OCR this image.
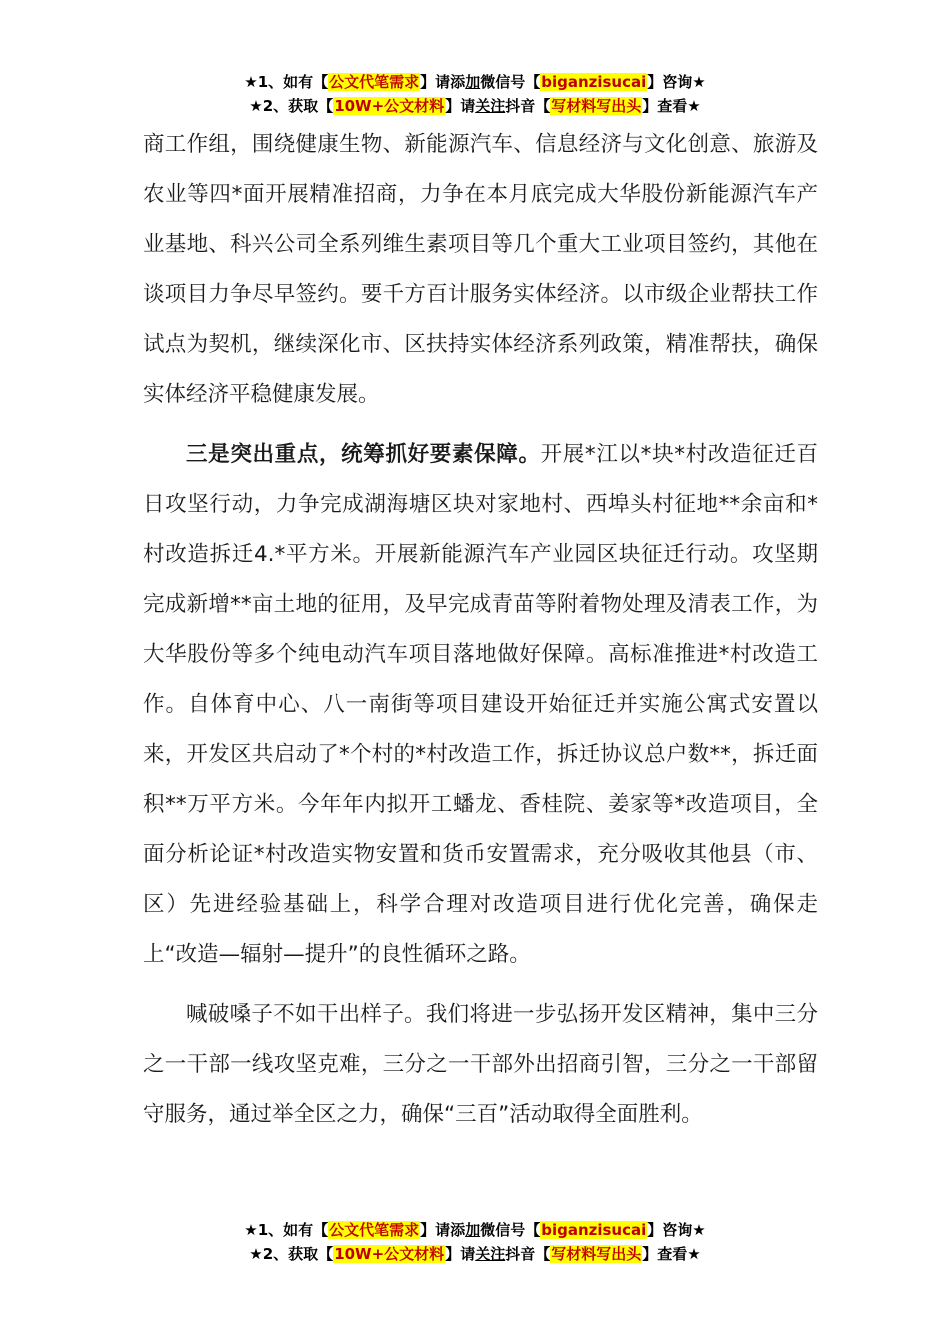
★1、如有【公文代笔需求】请添加微信号【biganzisucai】咨询★
★2、获取【10W+公文材料】请关注抖音【写材料写出头】查看★

商工作组，围绕健康生物、新能源汽车、信息经济与文化创意、旅游及农业等四*面开展精准招商，力争在本月底完成大华股份新能源汽车产业基地、科兴公司全系列维生素项目等几个重大工业项目签约，其他在谈项目力争尽早签约。要千方百计服务实体经济。以市级企业帮扶工作试点为契机，继续深化市、区扶持实体经济系列政策，精准帮扶，确保实体经济平稳健康发展。

三是突出重点，统筹抓好要素保障。开展*江以*块*村改造征迁百日攻坚行动，力争完成湖海塘区块对家地村、西埠头村征地**余亩和*村改造拆迁4.*平方米。开展新能源汽车产业园区块征迁行动。攻坚期完成新增**亩土地的征用，及早完成青苗等附着物处理及清表工作，为大华股份等多个纯电动汽车项目落地做好保障。高标准推进*村改造工作。自体育中心、八一南街等项目建设开始征迁并实施公寓式安置以来，开发区共启动了*个村的*村改造工作，拆迁协议总户数**，拆迁面积**万平方米。今年年内拟开工蟠龙、香桂院、姜家等*改造项目，全面分析论证*村改造实物安置和货币安置需求，充分吸收其他县（市、区）先进经验基础上，科学合理对改造项目进行优化完善，确保走上“改造—辐射—提升”的良性循环之路。

喊破嗓子不如干出样子。我们将进一步弘扬开发区精神，集中三分之一干部一线攻坚克难，三分之一干部外出招商引智，三分之一干部留守服务，通过举全区之力，确保“三百”活动取得全面胜利。

★1、如有【公文代笔需求】请添加微信号【biganzisucai】咨询★
★2、获取【10W+公文材料】请关注抖音【写材料写出头】查看★
